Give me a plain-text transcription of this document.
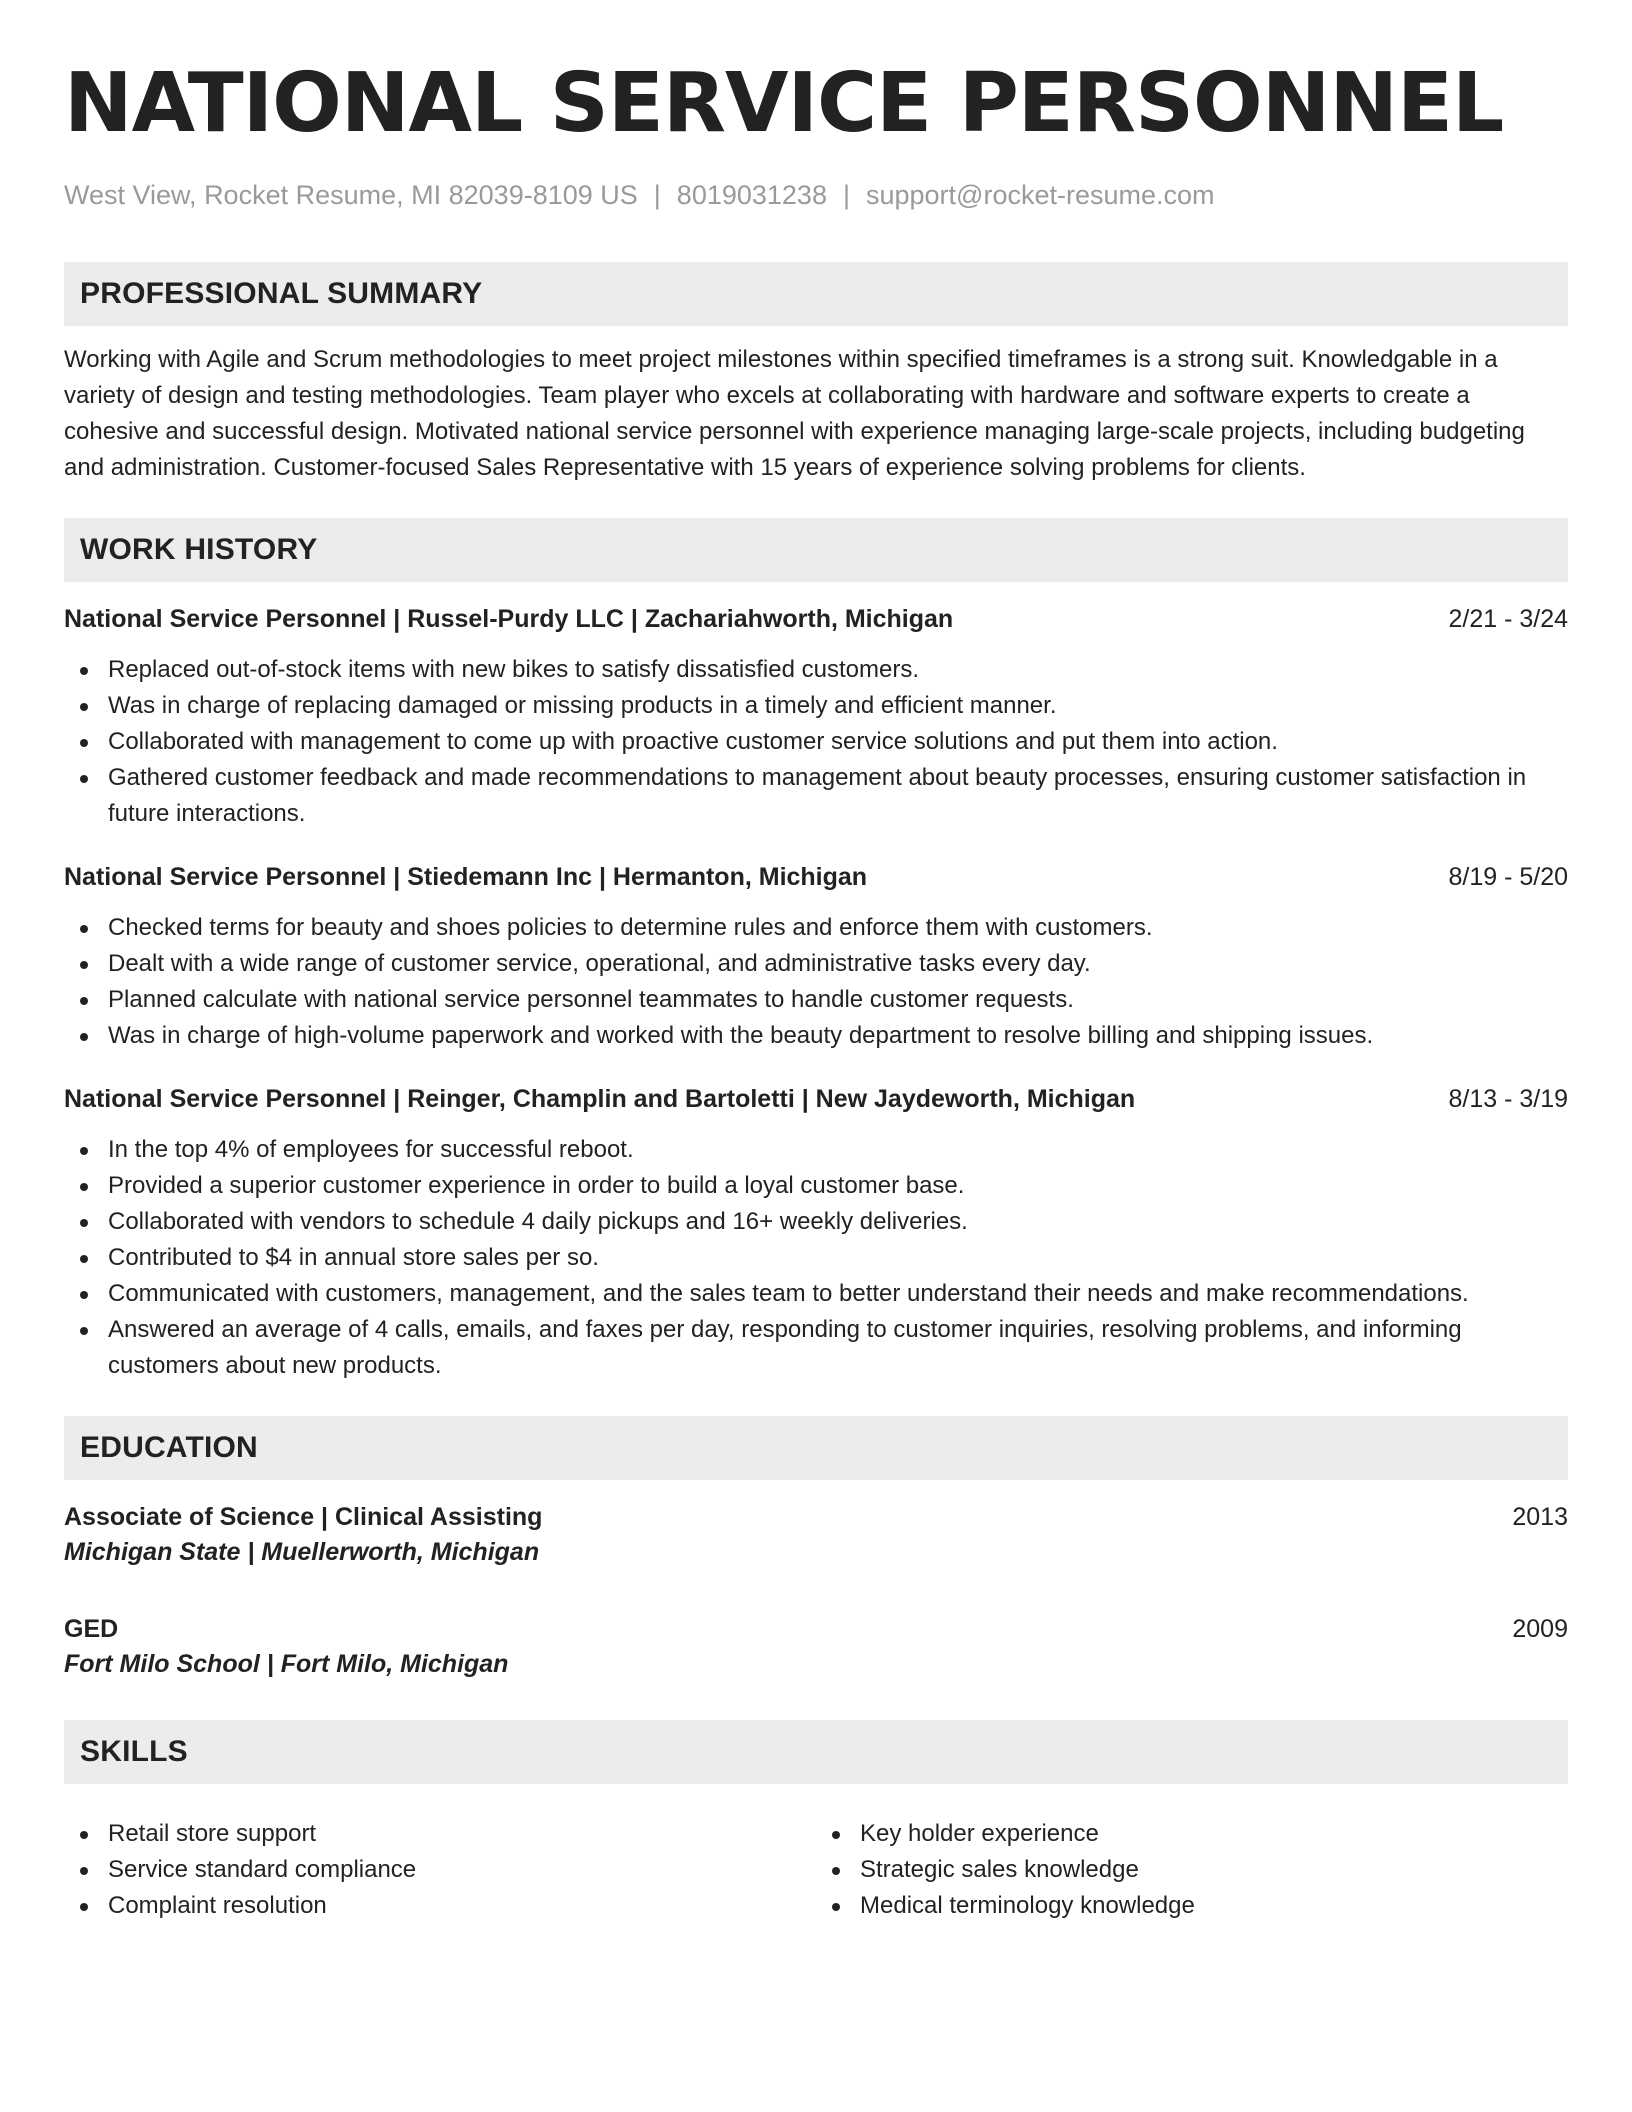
NATIONAL SERVICE PERSONNEL
West View, Rocket Resume, MI 82039-8109 US | 8019031238 | support@rocket-resume.com
PROFESSIONAL SUMMARY

Working with Agile and Scrum methodologies to meet project milestones within specified timeframes is a strong suit. Knowledgable in a variety of design and testing methodologies. Team player who excels at collaborating with hardware and software experts to create a cohesive and successful design. Motivated national service personnel with experience managing large-scale projects, including budgeting and administration. Customer-focused Sales Representative with 15 years of experience solving problems for clients.

WORK HISTORY
National Service Personnel | Russel-Purdy LLC | Zachariahworth, Michigan	2/21 - 3/24
Replaced out-of-stock items with new bikes to satisfy dissatisfied customers.
Was in charge of replacing damaged or missing products in a timely and efficient manner.
Collaborated with management to come up with proactive customer service solutions and put them into action.
Gathered customer feedback and made recommendations to management about beauty processes, ensuring customer satisfaction in future interactions.
National Service Personnel | Stiedemann Inc | Hermanton, Michigan	8/19 - 5/20
Checked terms for beauty and shoes policies to determine rules and enforce them with customers.
Dealt with a wide range of customer service, operational, and administrative tasks every day.
Planned calculate with national service personnel teammates to handle customer requests.
Was in charge of high-volume paperwork and worked with the beauty department to resolve billing and shipping issues.
National Service Personnel | Reinger, Champlin and Bartoletti | New Jaydeworth, Michigan	8/13 - 3/19
In the top 4% of employees for successful reboot.
Provided a superior customer experience in order to build a loyal customer base.
Collaborated with vendors to schedule 4 daily pickups and 16+ weekly deliveries.
Contributed to $4 in annual store sales per so.
Communicated with customers, management, and the sales team to better understand their needs and make recommendations.
Answered an average of 4 calls, emails, and faxes per day, responding to customer inquiries, resolving problems, and informing customers about new products.
EDUCATION
Associate of Science | Clinical Assisting	2013
Michigan State | Muellerworth, Michigan
GED	2009
Fort Milo School | Fort Milo, Michigan
SKILLS
Retail store support
Service standard compliance
Complaint resolution
Key holder experience
Strategic sales knowledge
Medical terminology knowledge
